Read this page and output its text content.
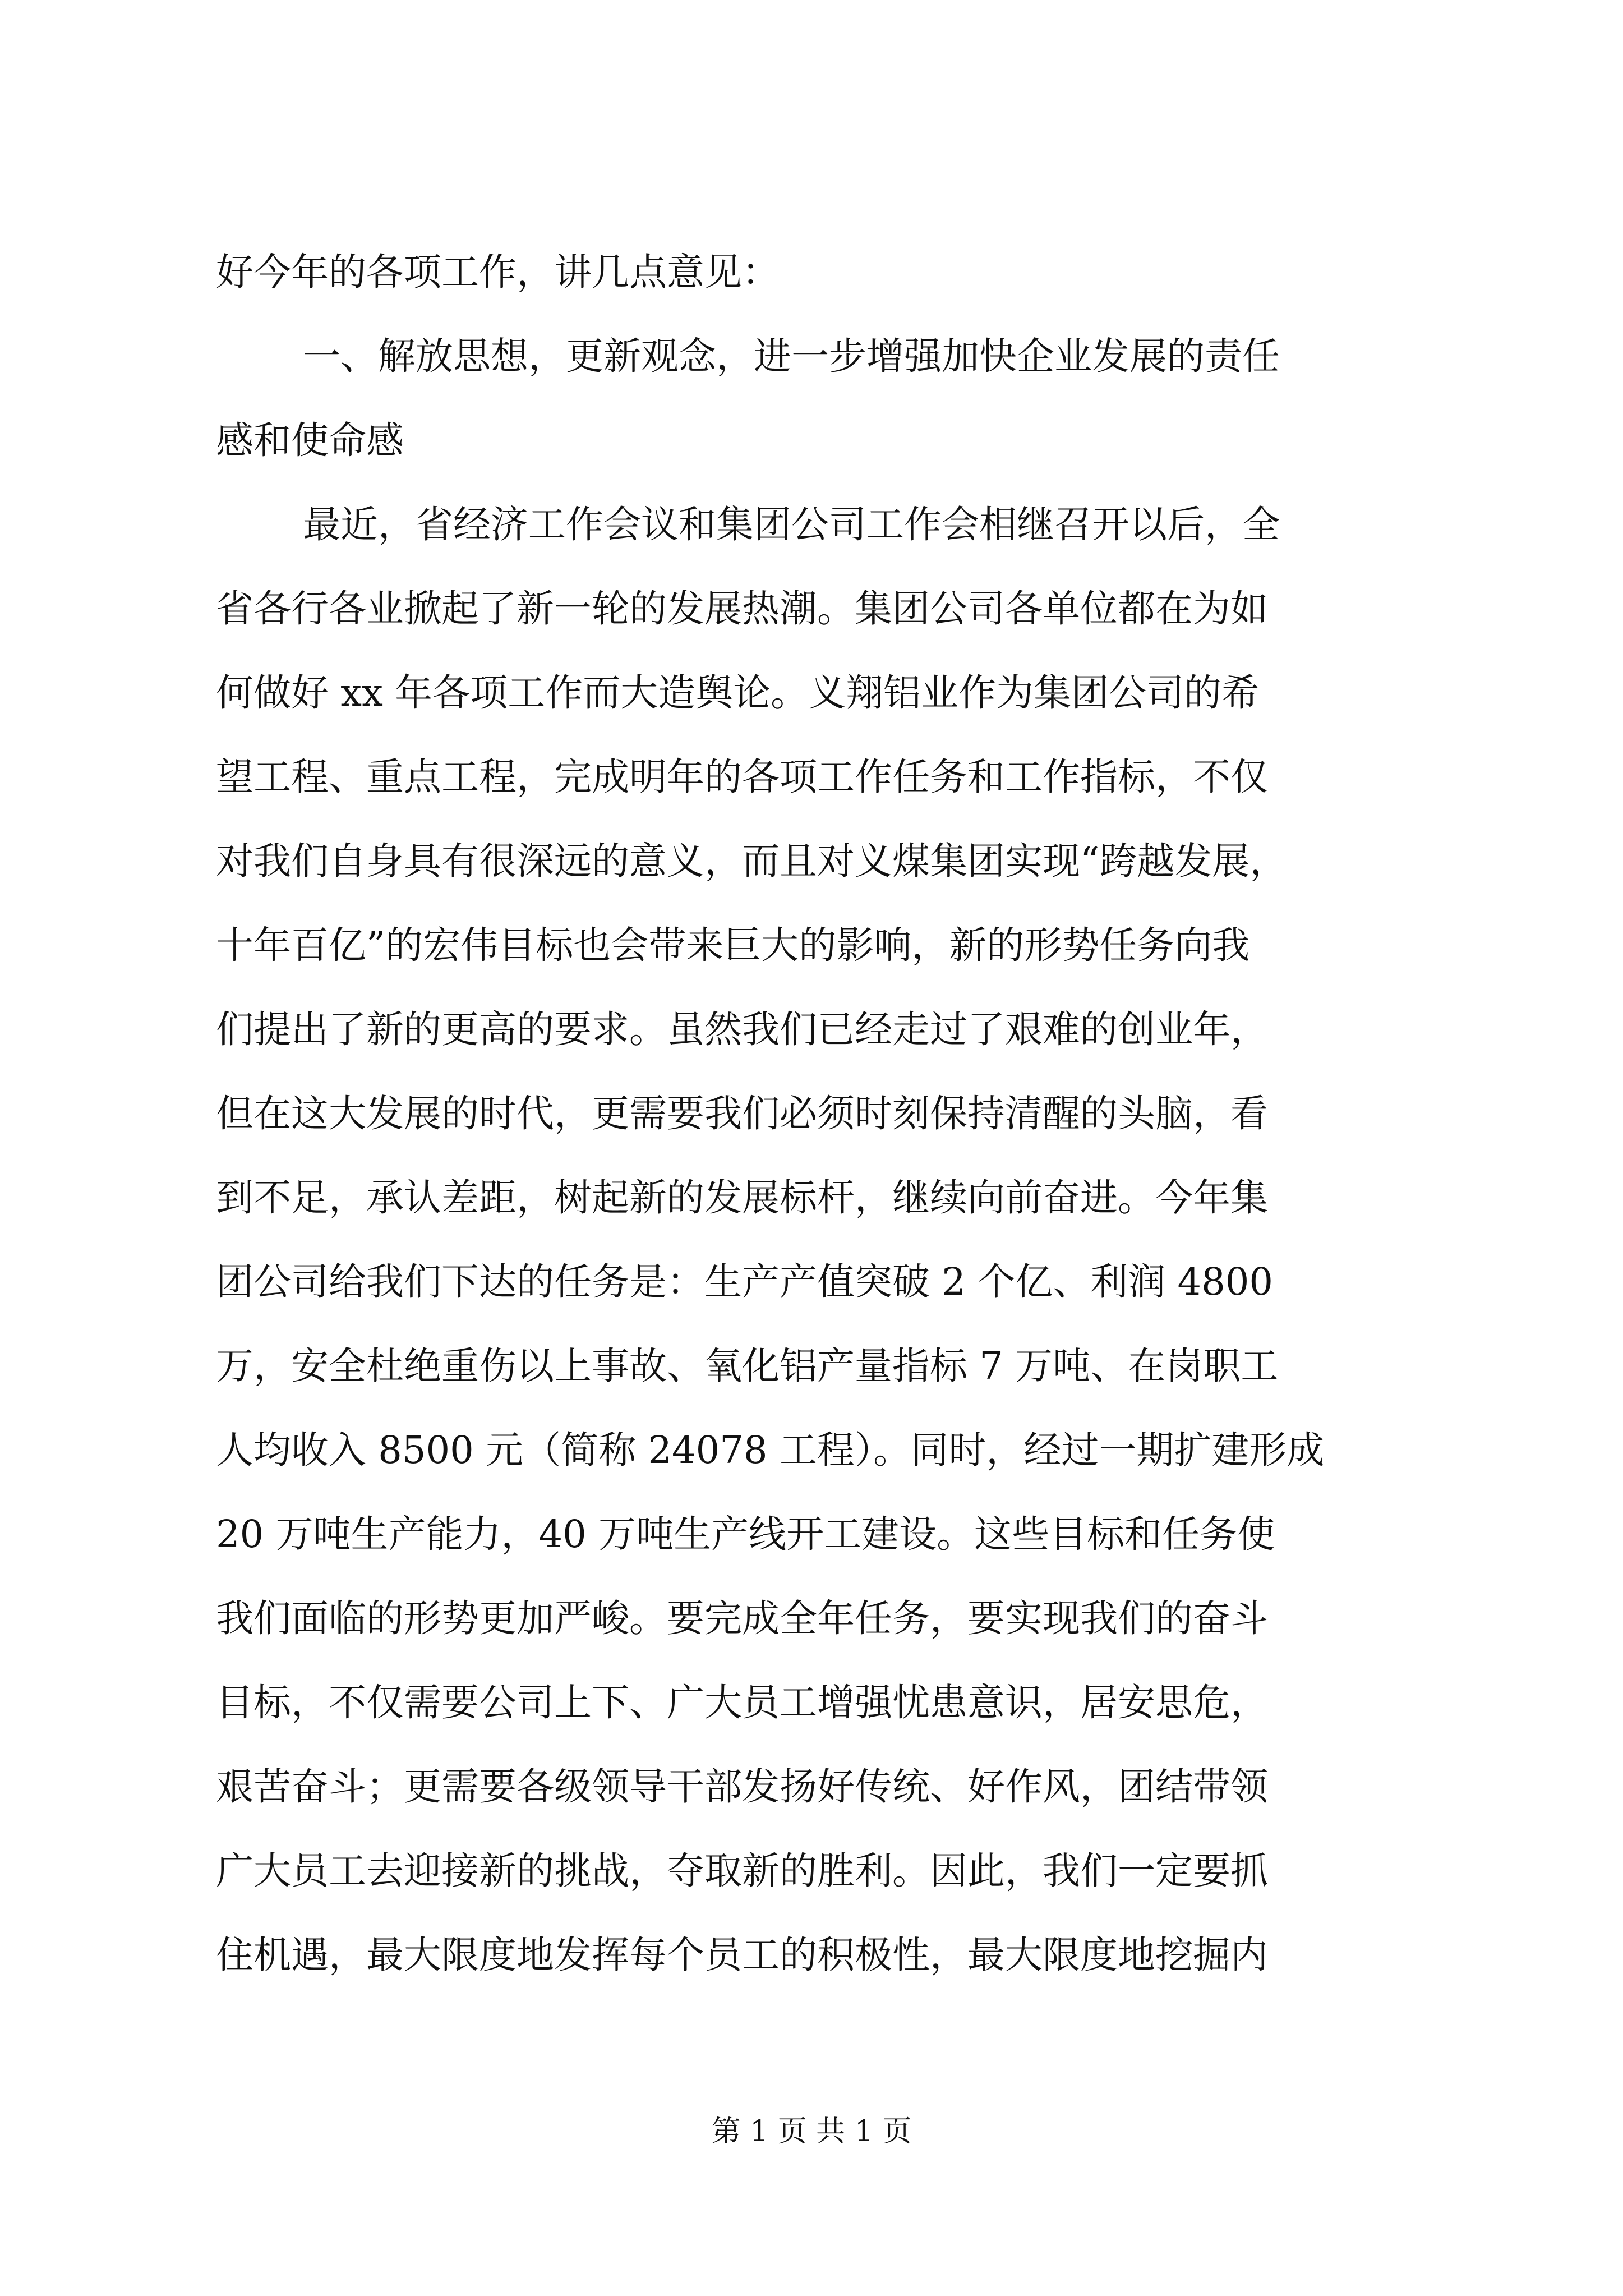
好今年的各项工作，讲几点意见：
一、解放思想，更新观念，进一步增强加快企业发展的责任
感和使命感
最近，省经济工作会议和集团公司工作会相继召开以后，全
省各行各业掀起了新一轮的发展热潮。集团公司各单位都在为如
何做好 xx 年各项工作而大造舆论。义翔铝业作为集团公司的希
望工程、重点工程，完成明年的各项工作任务和工作指标，不仅
对我们自身具有很深远的意义，而且对义煤集团实现“跨越发展，
十年百亿”的宏伟目标也会带来巨大的影响，新的形势任务向我
们提出了新的更高的要求。虽然我们已经走过了艰难的创业年，
但在这大发展的时代，更需要我们必须时刻保持清醒的头脑，看
到不足，承认差距，树起新的发展标杆，继续向前奋进。今年集
团公司给我们下达的任务是：生产产值突破 2 个亿、利润 4800
万，安全杜绝重伤以上事故、氧化铝产量指标 7 万吨、在岗职工
人均收入 8500 元（简称 24078 工程）。同时，经过一期扩建形成
20 万吨生产能力，40 万吨生产线开工建设。这些目标和任务使
我们面临的形势更加严峻。要完成全年任务，要实现我们的奋斗
目标，不仅需要公司上下、广大员工增强忧患意识，居安思危，
艰苦奋斗；更需要各级领导干部发扬好传统、好作风，团结带领
广大员工去迎接新的挑战，夺取新的胜利。因此，我们一定要抓
住机遇，最大限度地发挥每个员工的积极性，最大限度地挖掘内
第 1 页 共 1 页
